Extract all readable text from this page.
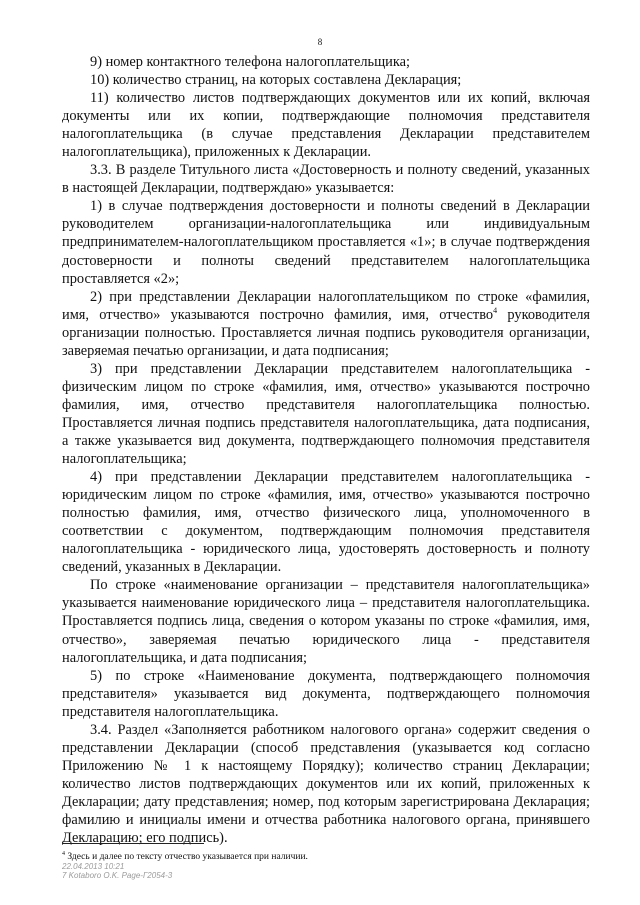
8

9) номер контактного телефона налогоплательщика;

10) количество страниц, на которых составлена Декларация;

11) количество листов подтверждающих документов или их копий, включая документы или их копии, подтверждающие полномочия представителя налогоплательщика (в случае представления Декларации представителем налогоплательщика), приложенных к Декларации.

3.3. В разделе Титульного листа «Достоверность и полноту сведений, указанных в настоящей Декларации, подтверждаю» указывается:

1) в случае подтверждения достоверности и полноты сведений в Декларации руководителем организации-налогоплательщика или индивидуальным предпринимателем-налогоплательщиком проставляется «1»; в случае подтверждения достоверности и полноты сведений представителем налогоплательщика проставляется «2»;

2) при представлении Декларации налогоплательщиком по строке «фамилия, имя, отчество» указываются построчно фамилия, имя, отчество$^4$ руководителя организации полностью. Проставляется личная подпись руководителя организации, заверяемая печатью организации, и дата подписания;

3) при представлении Декларации представителем налогоплательщика - физическим лицом по строке «фамилия, имя, отчество» указываются построчно фамилия, имя, отчество представителя налогоплательщика полностью. Проставляется личная подпись представителя налогоплательщика, дата подписания, а также указывается вид документа, подтверждающего полномочия представителя налогоплательщика;

4) при представлении Декларации представителем налогоплательщика - юридическим лицом по строке «фамилия, имя, отчество» указываются построчно полностью фамилия, имя, отчество физического лица, уполномоченного в соответствии с документом, подтверждающим полномочия представителя налогоплательщика - юридического лица, удостоверять достоверность и полноту сведений, указанных в Декларации.

По строке «наименование организации – представителя налогоплательщика» указывается наименование юридического лица – представителя налогоплательщика. Проставляется подпись лица, сведения о котором указаны по строке «фамилия, имя, отчество», заверяемая печатью юридического лица - представителя налогоплательщика, и дата подписания;

5) по строке «Наименование документа, подтверждающего полномочия представителя» указывается вид документа, подтверждающего полномочия представителя налогоплательщика.

3.4. Раздел «Заполняется работником налогового органа» содержит сведения о представлении Декларации (способ представления (указывается код согласно Приложению № 1 к настоящему Порядку); количество страниц Декларации; количество листов подтверждающих документов или их копий, приложенных к Декларации; дату представления; номер, под которым зарегистрирована Декларация; фамилию и инициалы имени и отчества работника налогового органа, принявшего Декларацию; его подпись).

$^4$ Здесь и далее по тексту отчество указывается при наличии.
22.04.2013 10:21
7 Kotaboro O.K. Page-Г2054-3
